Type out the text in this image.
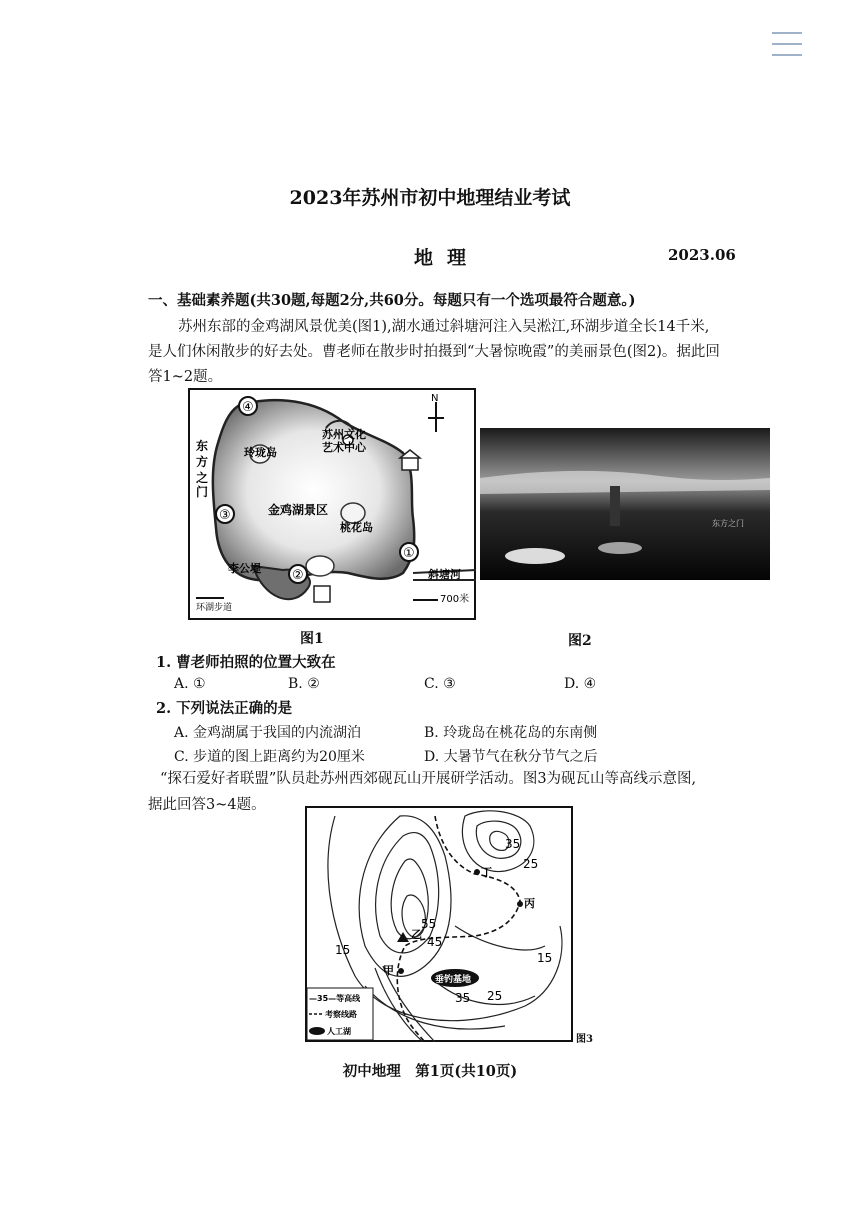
2023年苏州市初中地理结业考试
地理	2023.06
一、基础素养题(共30题,每题2分,共60分。每题只有一个选项最符合题意。)
苏州东部的金鸡湖风景优美(图1),湖水通过斜塘河注入吴淞江,环湖步道全长14千米,
是人们休闲散步的好去处。曹老师在散步时拍摄到“大暑惊晚霞”的美丽景色(图2)。据此回
答1~2题。
N
700米
环湖步道
④
③
②
①
苏州文化
艺术中心
玲珑岛
金鸡湖景区
桃花岛
东
方
之
门
李公堤	斜塘河
图1
东方之门
图2
1. 曹老师拍照的位置大致在
A. ①	B. ②	C. ③	D. ④
2. 下列说法正确的是
A. 金鸡湖属于我国的内流湖泊	B. 玲珑岛在桃花岛的东南侧
C. 步道的图上距离约为20厘米	D. 大暑节气在秋分节气之后
“探石爱好者联盟”队员赴苏州西郊砚瓦山开展研学活动。图3为砚瓦山等高线示意图,
据此回答3~4题。
垂钓基地
35
25
15
15
55
45
35 25
甲
乙
丙
丁
—35—等高线
考察线路
人工湖
图3
初中地理　第1页(共10页)
